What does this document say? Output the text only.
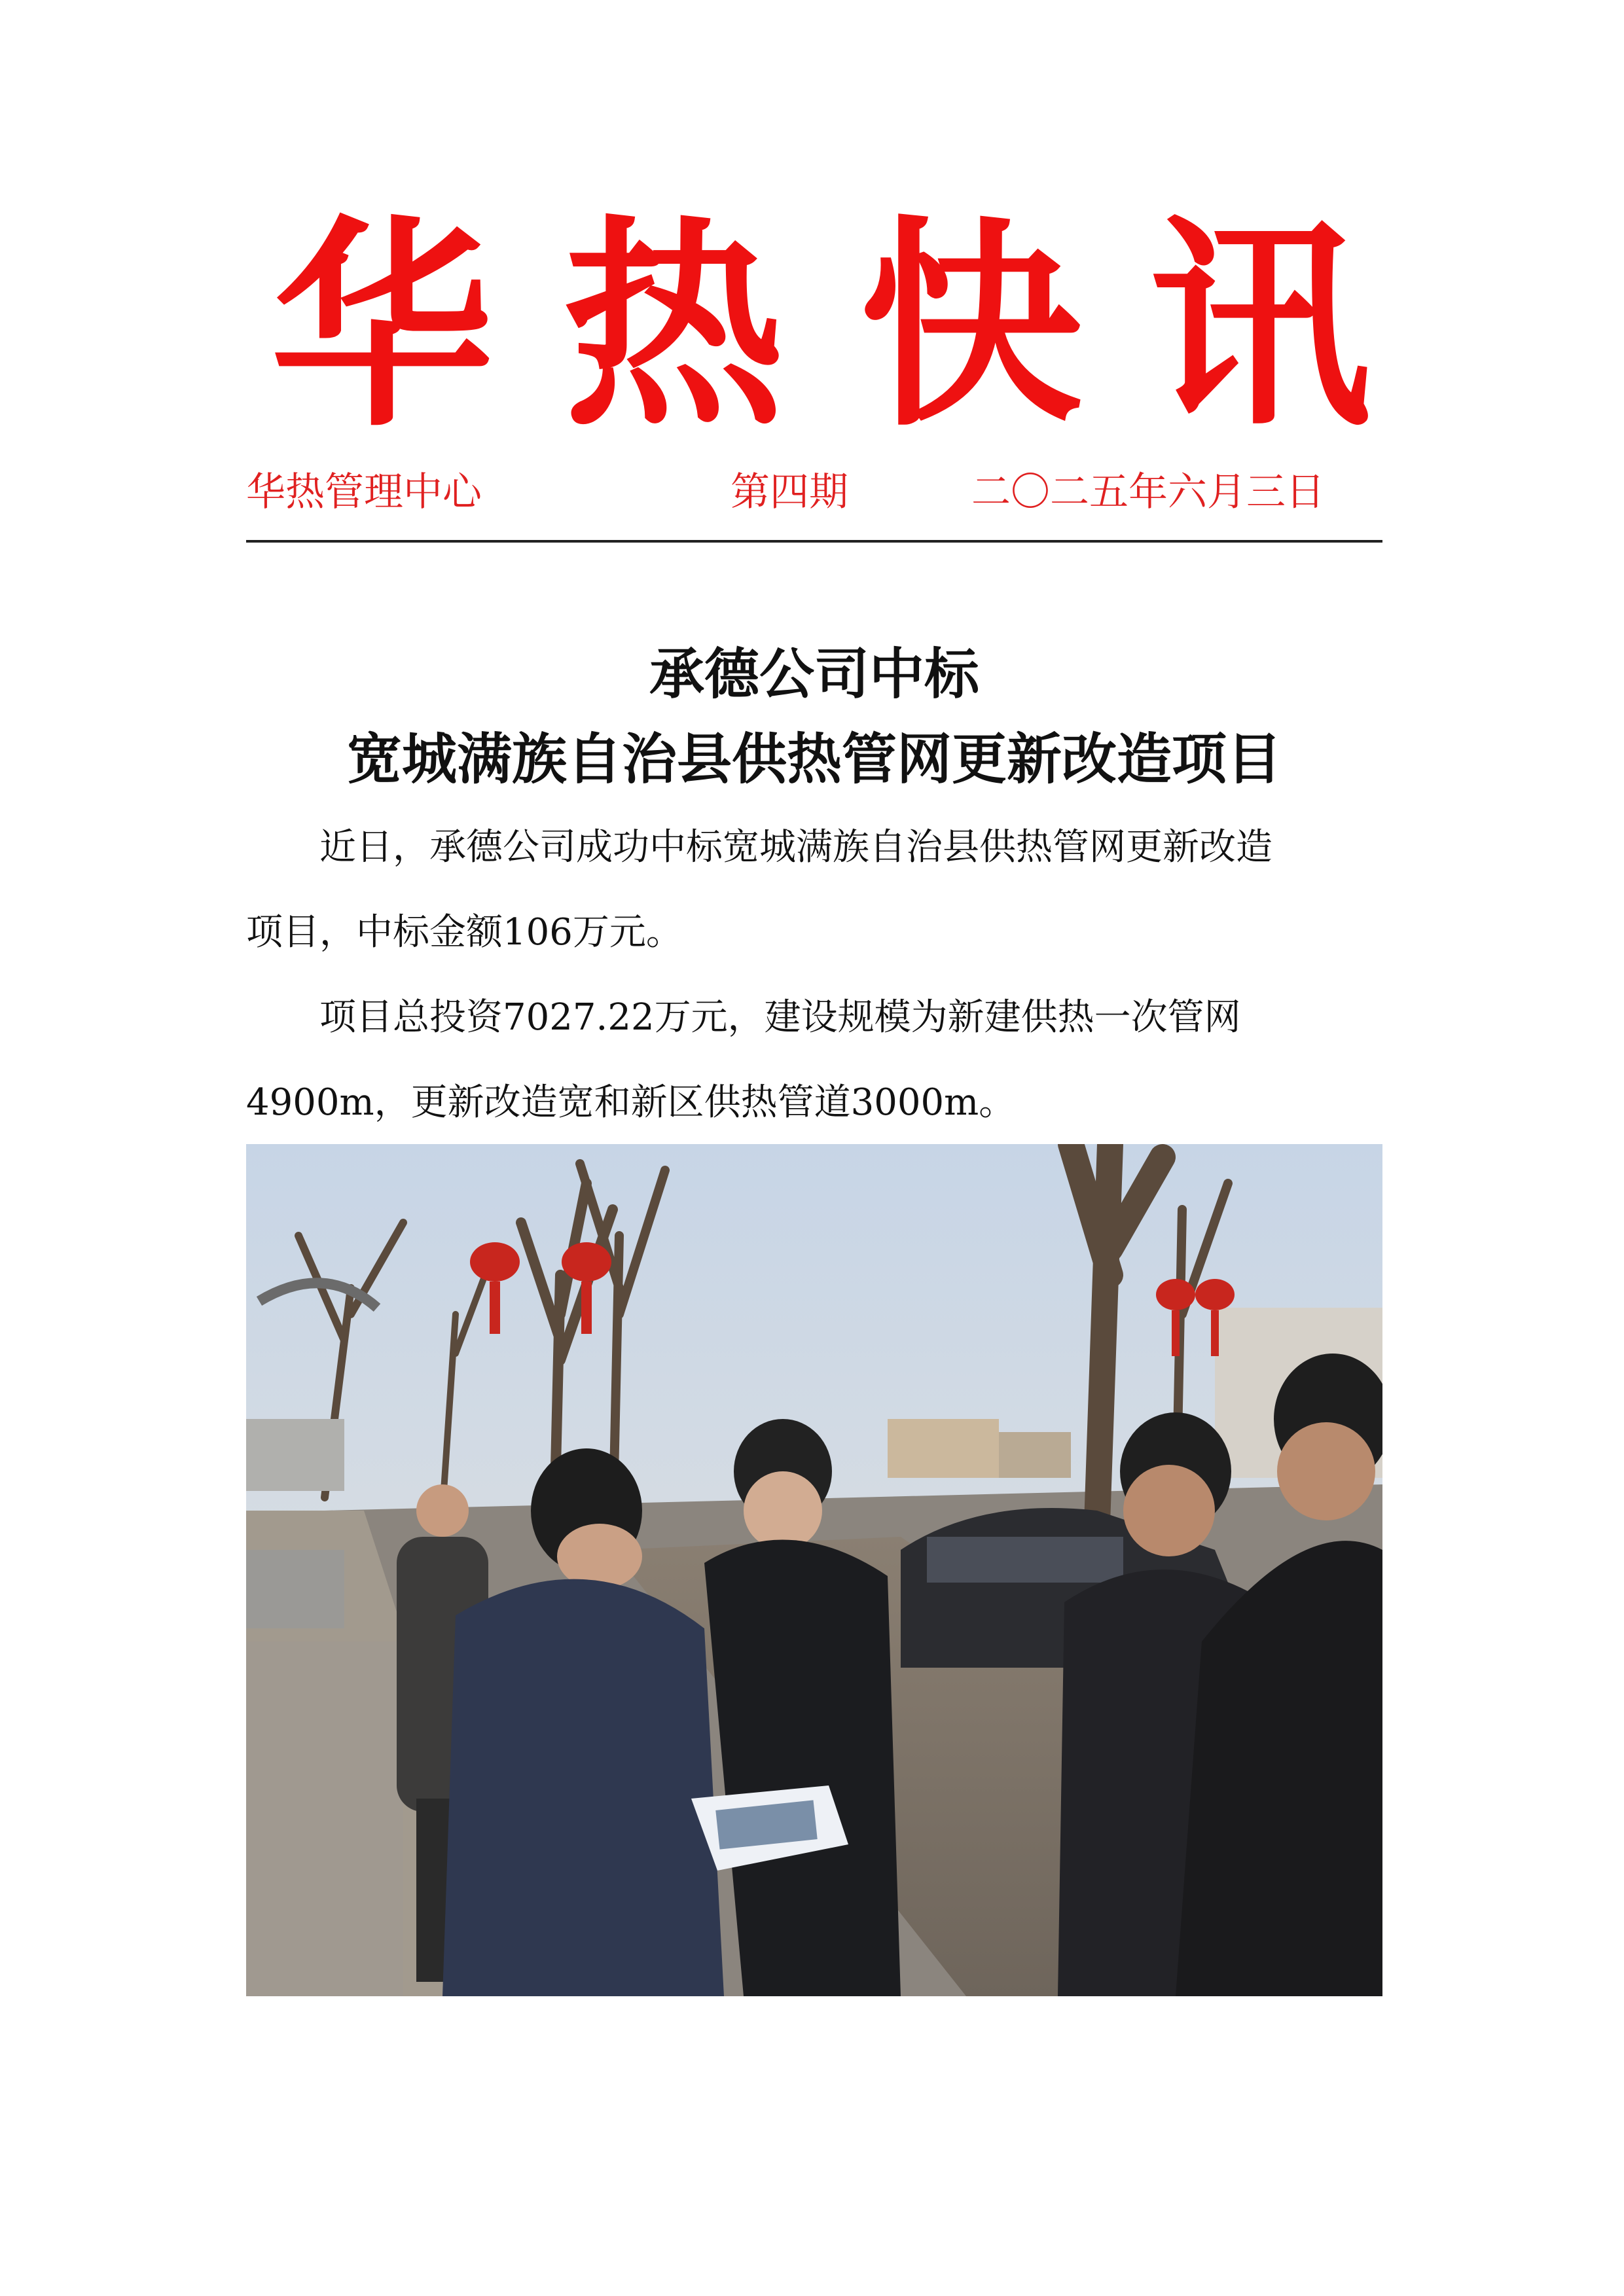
华 热 快 讯
华热管理中心	第四期	二〇二五年六月三日
承德公司中标
宽城满族自治县供热管网更新改造项目
近日，承德公司成功中标宽城满族自治县供热管网更新改造
项目，中标金额106万元。
项目总投资7027.22万元，建设规模为新建供热一次管网
4900m，更新改造宽和新区供热管道3000m。
